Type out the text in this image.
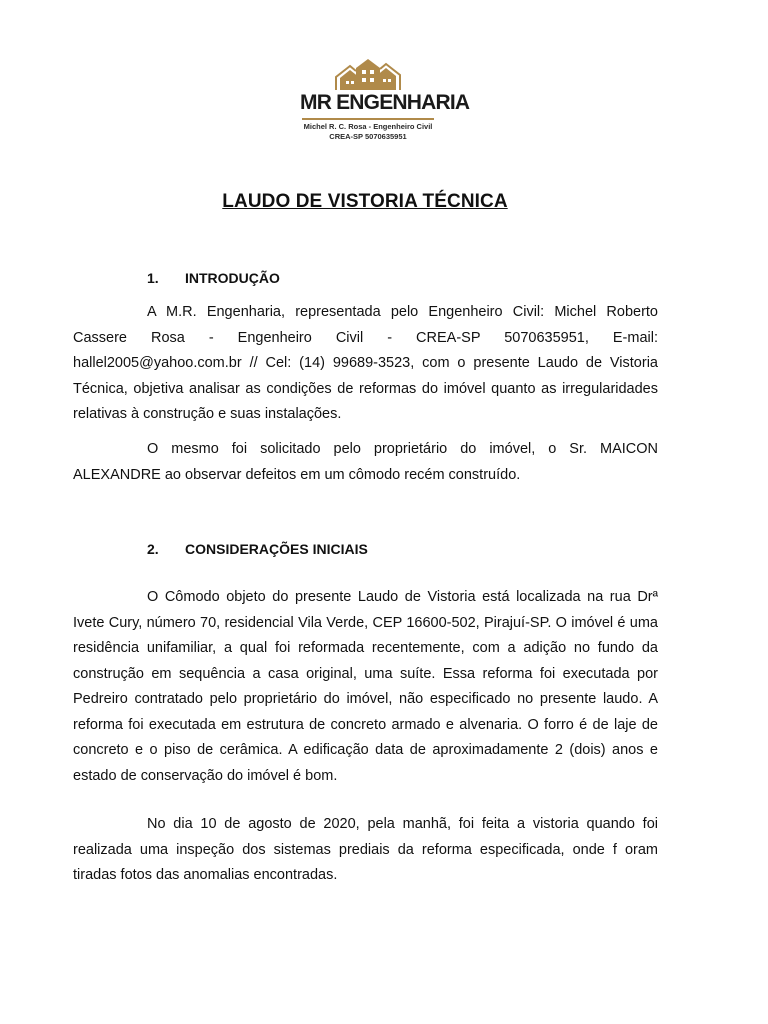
MR ENGENHARIA
Michel R. C. Rosa - Engenheiro Civil
CREA-SP 5070635951
LAUDO DE VISTORIA TÉCNICA
1. INTRODUÇÃO

A M.R. Engenharia, representada pelo Engenheiro Civil: Michel Roberto Cassere Rosa - Engenheiro Civil - CREA-SP 5070635951, E-mail: hallel2005@yahoo.com.br // Cel: (14) 99689-3523, com o presente Laudo de Vistoria Técnica, objetiva analisar as condições de reformas do imóvel quanto as irregularidades relativas à construção e suas instalações.

O mesmo foi solicitado pelo proprietário do imóvel, o Sr. MAICON ALEXANDRE ao observar defeitos em um cômodo recém construído.

2. CONSIDERAÇÕES INICIAIS

O Cômodo objeto do presente Laudo de Vistoria está localizada na rua Drª Ivete Cury, número 70, residencial Vila Verde, CEP 16600-502, Pirajuí-SP. O imóvel é uma residência unifamiliar, a qual foi reformada recentemente, com a adição no fundo da construção em sequência a casa original, uma suíte. Essa reforma foi executada por Pedreiro contratado pelo proprietário do imóvel, não especificado no presente laudo. A reforma foi executada em estrutura de concreto armado e alvenaria. O forro é de laje de concreto e o piso de cerâmica. A edificação data de aproximadamente 2 (dois) anos e estado de conservação do imóvel é bom.

No dia 10 de agosto de 2020, pela manhã, foi feita a vistoria quando foi realizada uma inspeção dos sistemas prediais da reforma especificada, onde f oram tiradas fotos das anomalias encontradas.
